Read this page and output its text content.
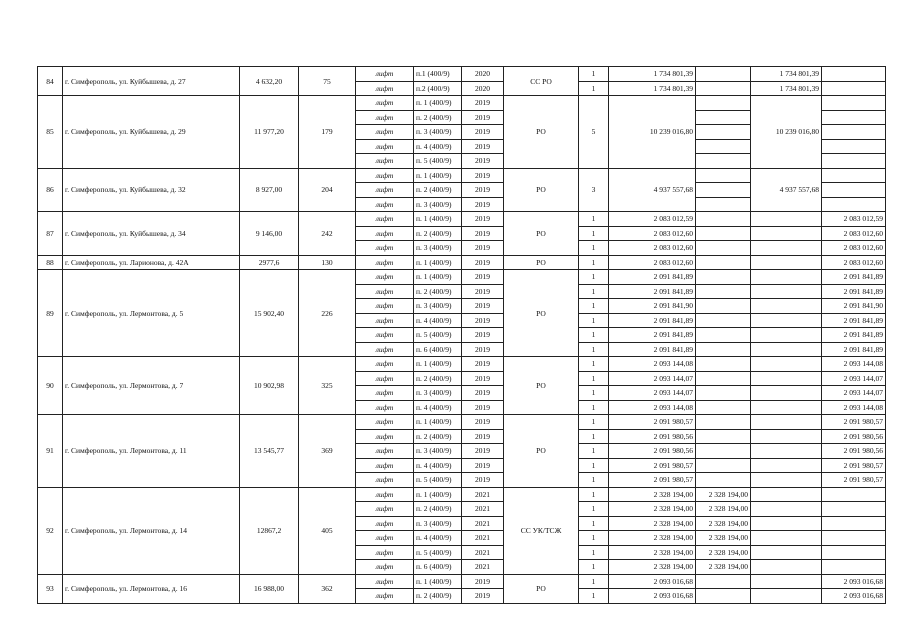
84	г. Симферополь, ул. Куйбышева, д. 27	4 632,20	75	лифт	п.1 (400/9)	2020	СС РО	1	1 734 801,39		1 734 801,39	
				лифт	п.2 (400/9)	2020		1	1 734 801,39		1 734 801,39	
85	г. Симферополь, ул. Куйбышева, д. 29	11 977,20	179	лифт	п. 1 (400/9)	2019	РО	5	10 239 016,80		10 239 016,80	
				лифт	п. 2 (400/9)	2019						
				лифт	п. 3 (400/9)	2019						
				лифт	п. 4 (400/9)	2019						
				лифт	п. 5 (400/9)	2019						
86	г. Симферополь, ул. Куйбышева, д. 32	8 927,00	204	лифт	п. 1 (400/9)	2019	РО	3	4 937 557,68		4 937 557,68	
				лифт	п. 2 (400/9)	2019						
				лифт	п. 3 (400/9)	2019						
87	г. Симферополь, ул. Куйбышева, д. 34	9 146,00	242	лифт	п. 1 (400/9)	2019	РО	1	2 083 012,59			2 083 012,59
				лифт	п. 2 (400/9)	2019		1	2 083 012,60			2 083 012,60
				лифт	п. 3 (400/9)	2019		1	2 083 012,60			2 083 012,60
88	г. Симферополь, ул. Ларионова, д. 42А	2977,6	130	лифт	п. 1 (400/9)	2019	РО	1	2 083 012,60			2 083 012,60
89	г. Симферополь, ул. Лермонтова, д. 5	15 902,40	226	лифт	п. 1 (400/9)	2019	РО	1	2 091 841,89			2 091 841,89
				лифт	п. 2 (400/9)	2019		1	2 091 841,89			2 091 841,89
				лифт	п. 3 (400/9)	2019		1	2 091 841,90			2 091 841,90
				лифт	п. 4 (400/9)	2019		1	2 091 841,89			2 091 841,89
				лифт	п. 5 (400/9)	2019		1	2 091 841,89			2 091 841,89
				лифт	п. 6 (400/9)	2019		1	2 091 841,89			2 091 841,89
90	г. Симферополь, ул. Лермонтова, д. 7	10 902,98	325	лифт	п. 1 (400/9)	2019	РО	1	2 093 144,08			2 093 144,08
				лифт	п. 2 (400/9)	2019		1	2 093 144,07			2 093 144,07
				лифт	п. 3 (400/9)	2019		1	2 093 144,07			2 093 144,07
				лифт	п. 4 (400/9)	2019		1	2 093 144,08			2 093 144,08
91	г. Симферополь, ул. Лермонтова, д. 11	13 545,77	369	лифт	п. 1 (400/9)	2019	РО	1	2 091 980,57			2 091 980,57
				лифт	п. 2 (400/9)	2019		1	2 091 980,56			2 091 980,56
				лифт	п. 3 (400/9)	2019		1	2 091 980,56			2 091 980,56
				лифт	п. 4 (400/9)	2019		1	2 091 980,57			2 091 980,57
				лифт	п. 5 (400/9)	2019		1	2 091 980,57			2 091 980,57
92	г. Симферополь, ул. Лермонтова, д. 14	12867,2	405	лифт	п. 1 (400/9)	2021	СС УК/ТСЖ	1	2 328 194,00	2 328 194,00		
				лифт	п. 2 (400/9)	2021		1	2 328 194,00	2 328 194,00		
				лифт	п. 3 (400/9)	2021		1	2 328 194,00	2 328 194,00		
				лифт	п. 4 (400/9)	2021		1	2 328 194,00	2 328 194,00		
				лифт	п. 5 (400/9)	2021		1	2 328 194,00	2 328 194,00		
				лифт	п. 6 (400/9)	2021		1	2 328 194,00	2 328 194,00		
93	г. Симферополь, ул. Лермонтова, д. 16	16 988,00	362	лифт	п. 1 (400/9)	2019	РО	1	2 093 016,68			2 093 016,68
				лифт	п. 2 (400/9)	2019		1	2 093 016,68			2 093 016,68
